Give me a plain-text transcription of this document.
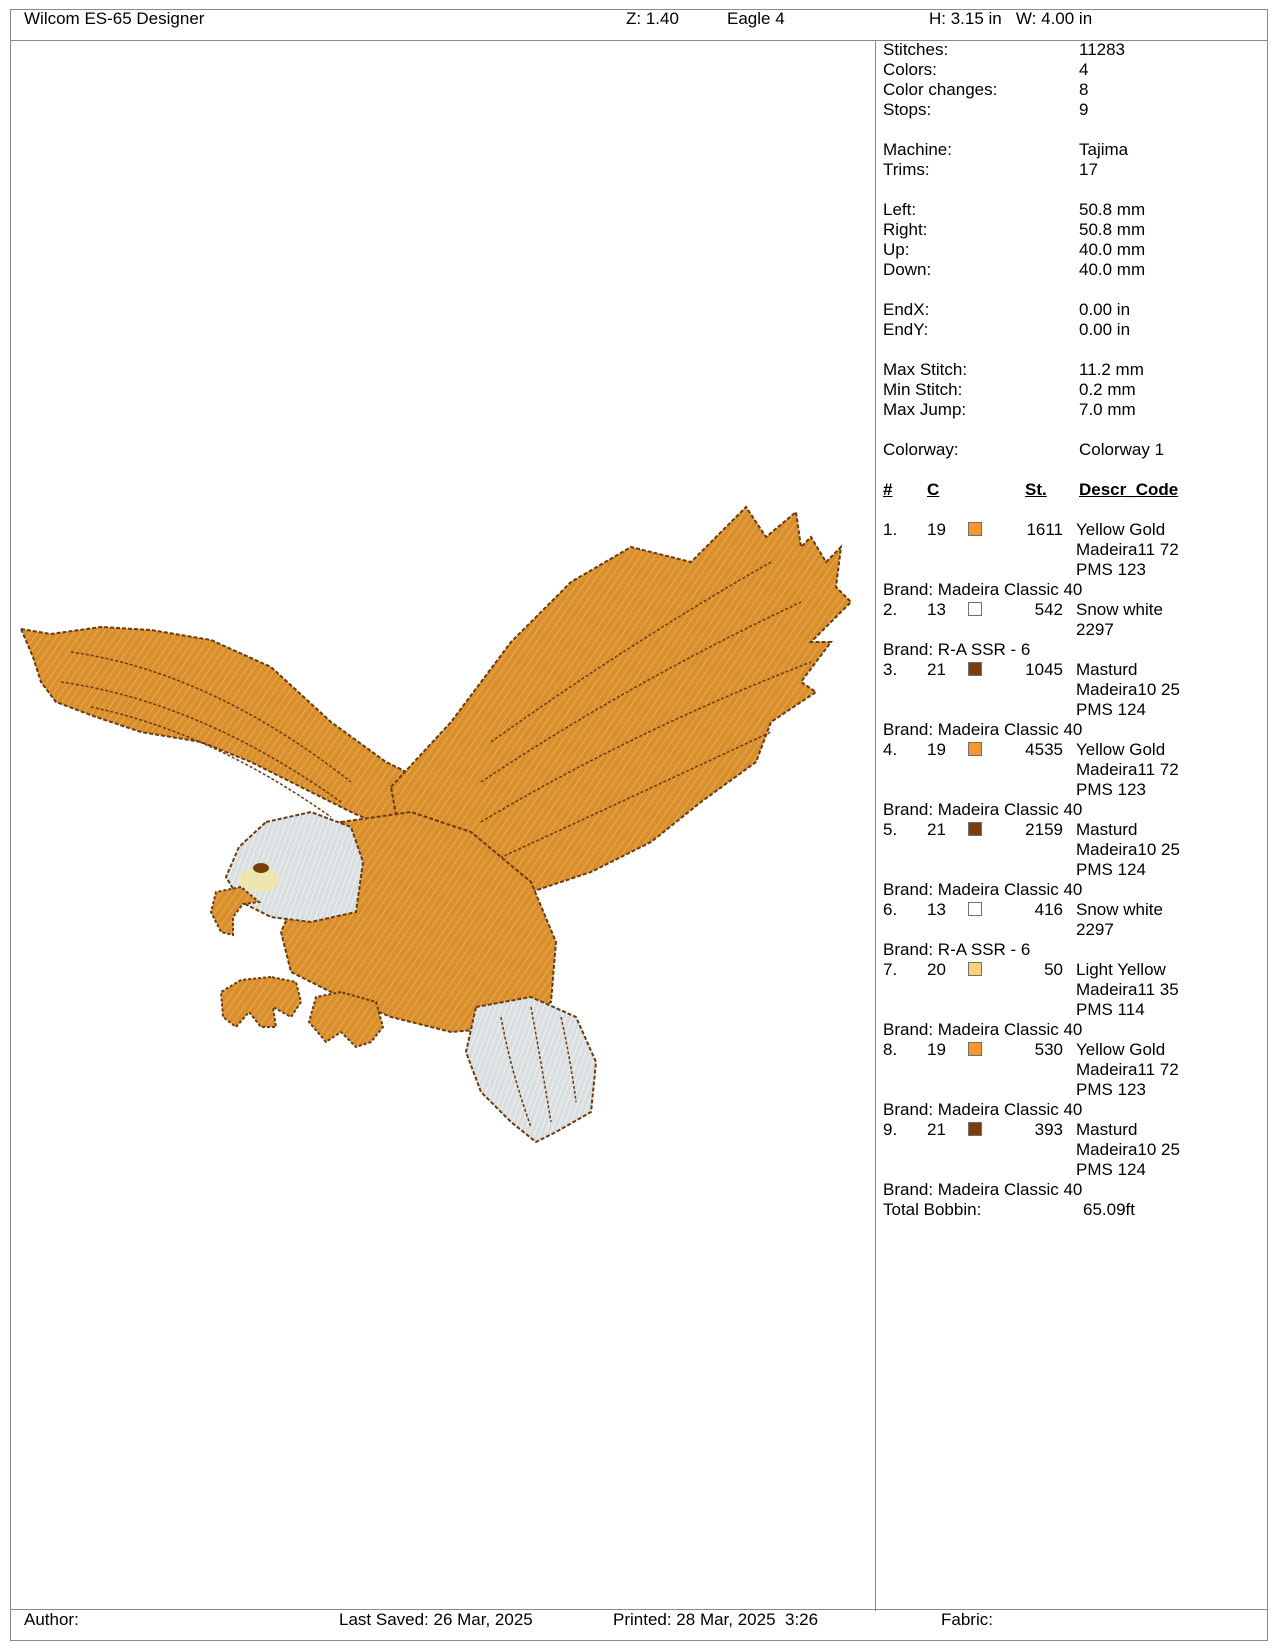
Wilcom ES-65 Designer	Z: 1.40	Eagle 4	H: 3.15 in   W: 4.00 in
Stitches:	11283
Colors:	4
Color changes:	8
Stops:	9
Machine:	Tajima
Trims:	17
Left:	50.8 mm
Right:	50.8 mm
Up:	40.0 mm
Down:	40.0 mm
EndX:	0.00 in
EndY:	0.00 in
Max Stitch:	11.2 mm
Min Stitch:	0.2 mm
Max Jump:	7.0 mm
Colorway:	Colorway 1
# C	St. Descr_Code
1. 19	1611 Yellow Gold
Madeira11 72
PMS 123
Brand: Madeira Classic 40
2. 13	542 Snow white
2297
Brand: R-A SSR - 6
3. 21	1045 Masturd
Madeira10 25
PMS 124
Brand: Madeira Classic 40
4. 19	4535 Yellow Gold
Madeira11 72
PMS 123
Brand: Madeira Classic 40
5. 21	2159 Masturd
Madeira10 25
PMS 124
Brand: Madeira Classic 40
6. 13	416 Snow white
2297
Brand: R-A SSR - 6
7. 20	50 Light Yellow
Madeira11 35
PMS 114
Brand: Madeira Classic 40
8. 19	530 Yellow Gold
Madeira11 72
PMS 123
Brand: Madeira Classic 40
9. 21	393 Masturd
Madeira10 25
PMS 124
Brand: Madeira Classic 40
Total Bobbin:	65.09ft
Author:	Last Saved: 26 Mar, 2025	Printed: 28 Mar, 2025  3:26	Fabric:
